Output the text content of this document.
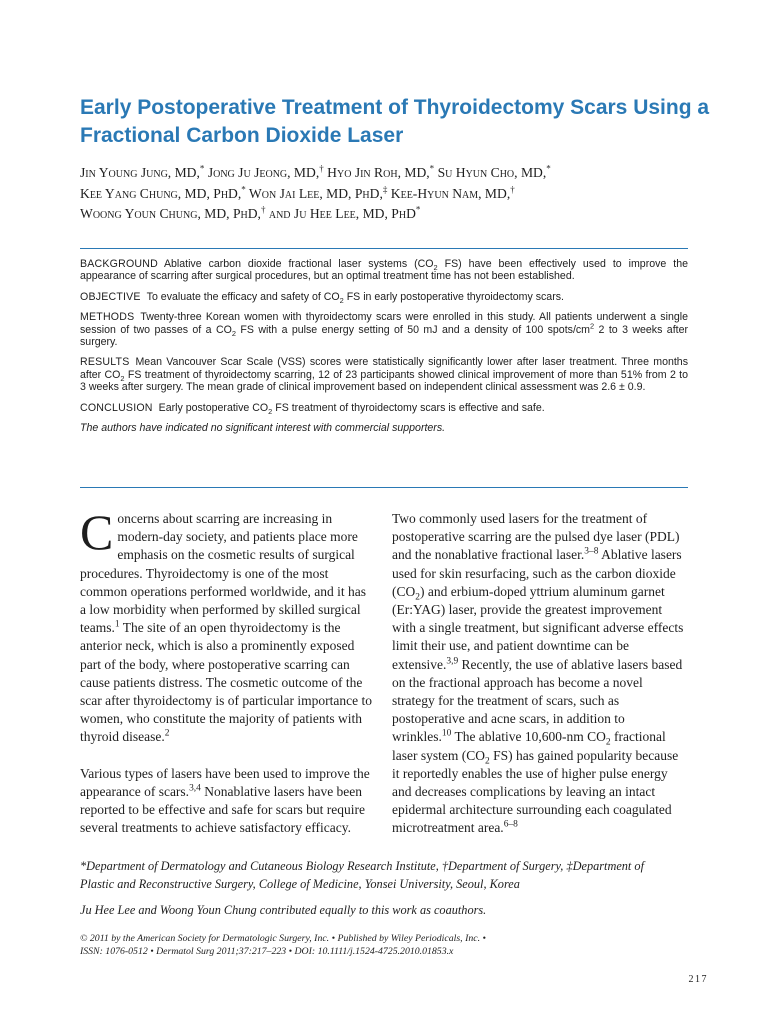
Early Postoperative Treatment of Thyroidectomy Scars Using a
Fractional Carbon Dioxide Laser
Jin Young Jung, MD,* Jong Ju Jeong, MD,† Hyo Jin Roh, MD,* Su Hyun Cho, MD,*
Kee Yang Chung, MD, PhD,* Won Jai Lee, MD, PhD,‡ Kee-Hyun Nam, MD,†
Woong Youn Chung, MD, PhD,† and Ju Hee Lee, MD, PhD*

BACKGROUND Ablative carbon dioxide fractional laser systems ($CO_2$ FS) have been effectively used to improve the appearance of scarring after surgical procedures, but an optimal treatment time has not been established.

OBJECTIVE To evaluate the efficacy and safety of $CO_2$ FS in early postoperative thyroidectomy scars.

METHODS Twenty-three Korean women with thyroidectomy scars were enrolled in this study. All patients underwent a single session of two passes of a $CO_2$ FS with a pulse energy setting of 50 mJ and a density of 100 spots/$cm^2$ 2 to 3 weeks after surgery.

RESULTS Mean Vancouver Scar Scale (VSS) scores were statistically significantly lower after laser treatment. Three months after $CO_2$ FS treatment of thyroidectomy scarring, 12 of 23 participants showed clinical improvement of more than 51% from 2 to 3 weeks after surgery. The mean grade of clinical improvement based on independent clinical assessment was 2.6 ± 0.9.

CONCLUSION Early postoperative $CO_2$ FS treatment of thyroidectomy scars is effective and safe.

The authors have indicated no significant interest with commercial supporters.

Concerns about scarring are increasing in modern-day society, and patients place more emphasis on the cosmetic results of surgical procedures. Thyroidectomy is one of the most common operations performed worldwide, and it has a low morbidity when performed by skilled surgical teams.$^1$ The site of an open thyroidectomy is the anterior neck, which is also a prominently exposed part of the body, where postoperative scarring can cause patients distress. The cosmetic outcome of the scar after thyroidectomy is of particular importance to women, who constitute the majority of patients with thyroid disease.$^2$

Various types of lasers have been used to improve the appearance of scars.$^{3,4}$ Nonablative lasers have been reported to be effective and safe for scars but require several treatments to achieve satisfactory efficacy.

Two commonly used lasers for the treatment of postoperative scarring are the pulsed dye laser (PDL) and the nonablative fractional laser.$^{3-8}$ Ablative lasers used for skin resurfacing, such as the carbon dioxide $(CO_2)$ and erbium-doped yttrium aluminum garnet (Er:YAG) laser, provide the greatest improvement with a single treatment, but significant adverse effects limit their use, and patient downtime can be extensive.$^{3,9}$ Recently, the use of ablative lasers based on the fractional approach has become a novel strategy for the treatment of scars, such as postoperative and acne scars, in addition to wrinkles.$^{10}$ The ablative 10,600-nm $CO_2$ fractional laser system ($CO_2$ FS) has gained popularity because it reportedly enables the use of higher pulse energy and decreases complications by leaving an intact epidermal architecture surrounding each coagulated microtreatment area.$^{6-8}$

*Department of Dermatology and Cutaneous Biology Research Institute, †Department of Surgery, ‡Department of
Plastic and Reconstructive Surgery, College of Medicine, Yonsei University, Seoul, Korea
Ju Hee Lee and Woong Youn Chung contributed equally to this work as coauthors.
© 2011 by the American Society for Dermatologic Surgery, Inc. • Published by Wiley Periodicals, Inc. •
ISSN: 1076-0512 • Dermatol Surg 2011;37:217–223 • DOI: 10.1111/j.1524-4725.2010.01853.x
217
